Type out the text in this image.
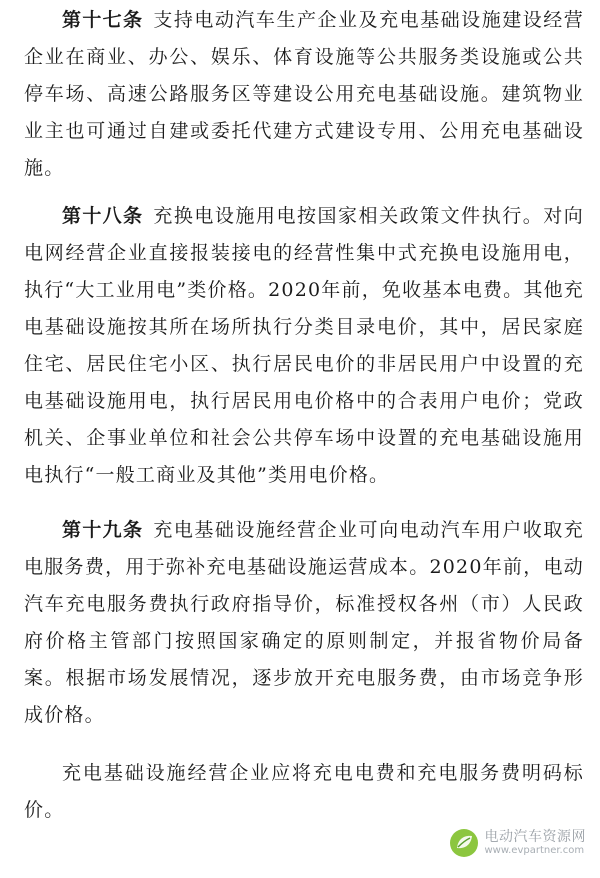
第十七条 支持电动汽车生产企业及充电基础设施建设经营企业在商业、办公、娱乐、体育设施等公共服务类设施或公共停车场、高速公路服务区等建设公用充电基础设施。建筑物业业主也可通过自建或委托代建方式建设专用、公用充电基础设施。

第十八条 充换电设施用电按国家相关政策文件执行。对向电网经营企业直接报装接电的经营性集中式充换电设施用电，执行“大工业用电”类价格。2020年前，免收基本电费。其他充电基础设施按其所在场所执行分类目录电价，其中，居民家庭住宅、居民住宅小区、执行居民电价的非居民用户中设置的充电基础设施用电，执行居民用电价格中的合表用户电价；党政机关、企事业单位和社会公共停车场中设置的充电基础设施用电执行“一般工商业及其他”类用电价格。

第十九条 充电基础设施经营企业可向电动汽车用户收取充电服务费，用于弥补充电基础设施运营成本。2020年前，电动汽车充电服务费执行政府指导价，标准授权各州（市）人民政府价格主管部门按照国家确定的原则制定，并报省物价局备案。根据市场发展情况，逐步放开充电服务费，由市场竞争形成价格。

充电基础设施经营企业应将充电电费和充电服务费明码标价。

电动汽车资源网
www.evpartner.com
